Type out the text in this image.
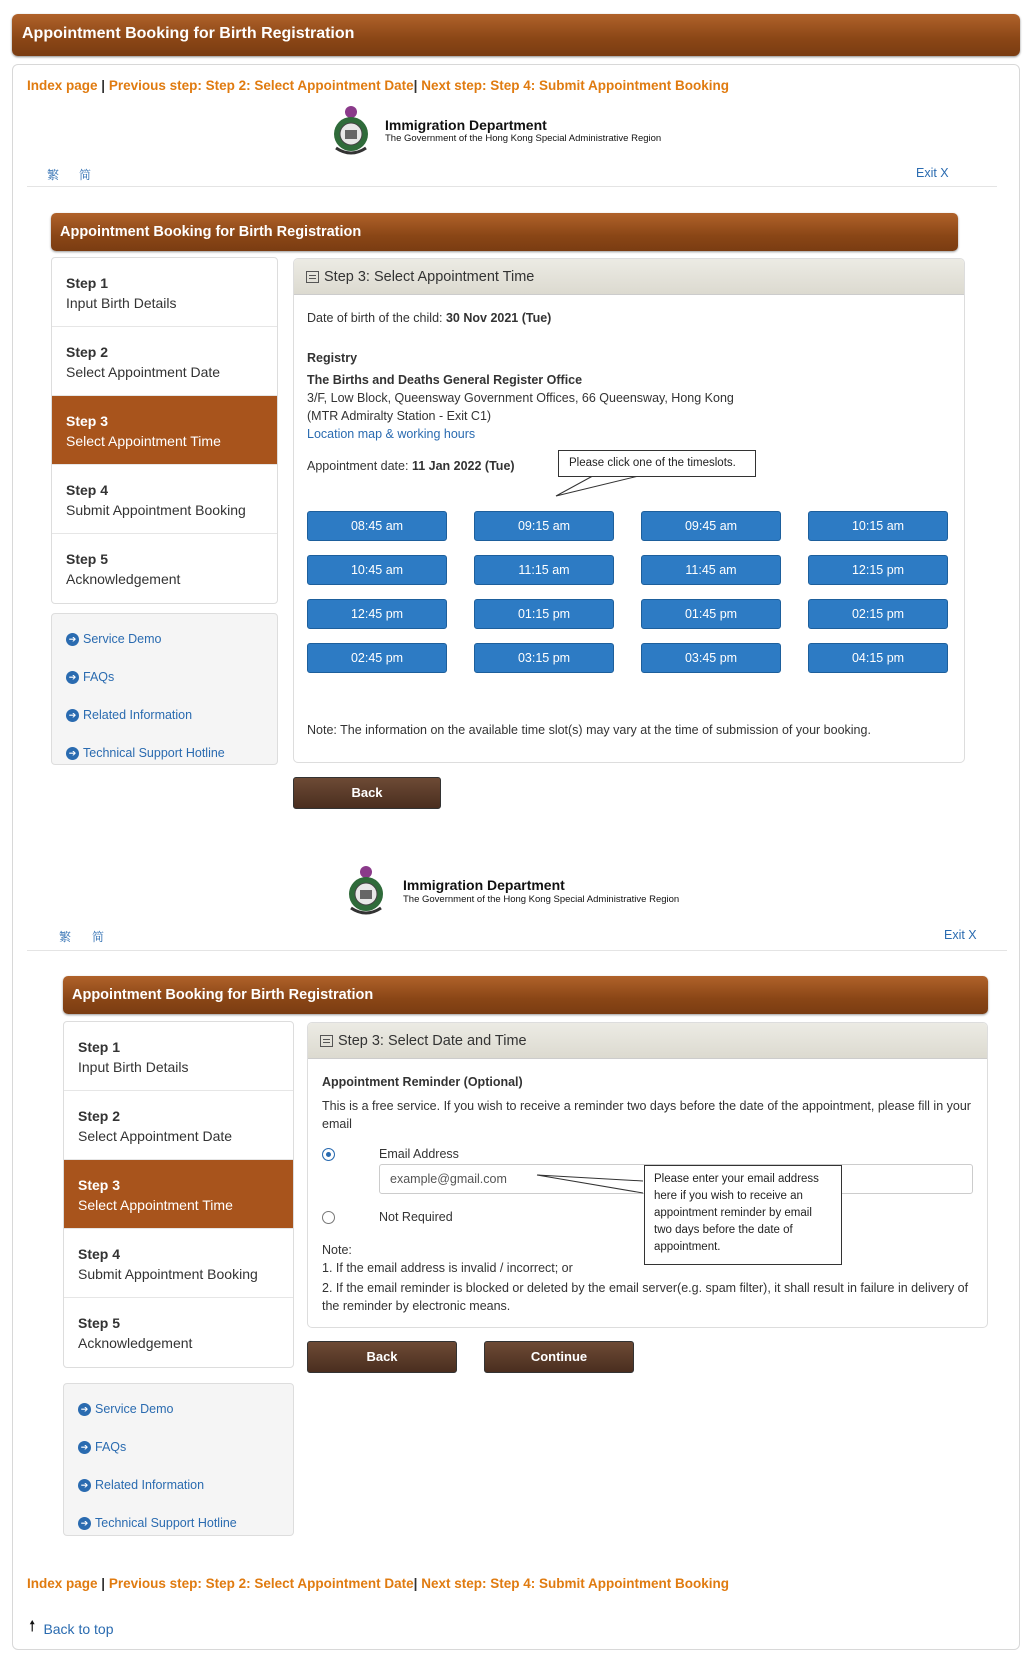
Appointment Booking for Birth Registration
Index page | Previous step: Step 2: Select Appointment Date| Next step: Step 4: Submit Appointment Booking
Immigration Department
The Government of the Hong Kong Special Administrative Region
繁 简	Exit X
Appointment Booking for Birth Registration
Step 1
Input Birth Details
Step 2
Select Appointment Date
Step 3
Select Appointment Time
Step 4
Submit Appointment Booking
Step 5
Acknowledgement
➔ Service Demo
➔ FAQs
➔ Related Information
➔ Technical Support Hotline
Step 3: Select Appointment Time
Date of birth of the child: 30 Nov 2021 (Tue)
Registry
The Births and Deaths General Register Office
3/F, Low Block, Queensway Government Offices, 66 Queensway, Hong Kong
(MTR Admiralty Station - Exit C1)
Location map & working hours
Appointment date: 11 Jan 2022 (Tue)	Please click one of the timeslots.
08:45 am	09:15 am	09:45 am	10:15 am
10:45 am	11:15 am	11:45 am	12:15 pm
12:45 pm	01:15 pm	01:45 pm	02:15 pm
02:45 pm	03:15 pm	03:45 pm	04:15 pm
Note: The information on the available time slot(s) may vary at the time of submission of your booking.
Back
Immigration Department
The Government of the Hong Kong Special Administrative Region
繁 简	Exit X
Appointment Booking for Birth Registration
Step 1
Input Birth Details
Step 2
Select Appointment Date
Step 3
Select Appointment Time
Step 4
Submit Appointment Booking
Step 5
Acknowledgement
➔ Service Demo
➔ FAQs
➔ Related Information
➔ Technical Support Hotline
Step 3: Select Date and Time
Appointment Reminder (Optional)
This is a free service. If you wish to receive a reminder two days before the date of the appointment, please fill in your email
Email Address
example@gmail.com
Not Required
Please enter your email address here if you wish to receive an appointment reminder by email two days before the date of appointment.
Note:
1. If the email address is invalid / incorrect; or
2. If the email reminder is blocked or deleted by the email server(e.g. spam filter), it shall result in failure in delivery of the reminder by electronic means.
Back	Continue
Index page | Previous step: Step 2: Select Appointment Date| Next step: Step 4: Submit Appointment Booking
🠕 Back to top
